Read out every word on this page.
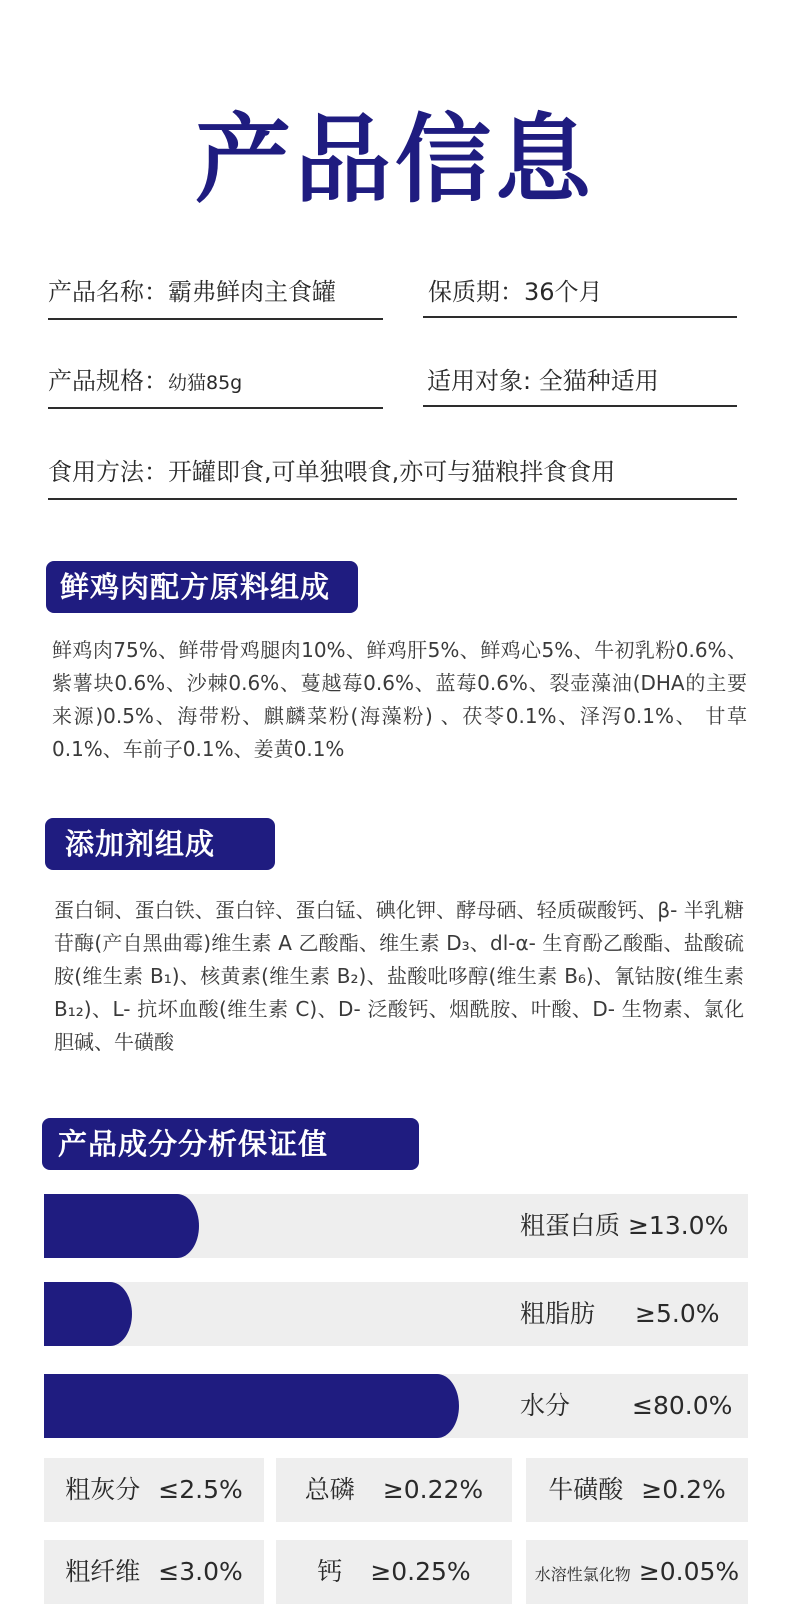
产品信息
产品名称：霸弗鲜肉主食罐	保质期：36个月
产品规格：幼猫85g	适用对象: 全猫种适用
食用方法：开罐即食,可单独喂食,亦可与猫粮拌食食用
鲜鸡肉配方原料组成
鲜鸡肉75%、鲜带骨鸡腿肉10%、鲜鸡肝5%、鲜鸡心5%、牛初乳粉0.6%、紫薯块0.6%、沙棘0.6%、蔓越莓0.6%、蓝莓0.6%、裂壶藻油(DHA的主要来源)0.5%、海带粉、麒麟菜粉(海藻粉) 、茯苓0.1%、泽泻0.1%、 甘草0.1%、车前子0.1%、姜黄0.1%
添加剂组成
蛋白铜、蛋白铁、蛋白锌、蛋白锰、碘化钾、酵母硒、轻质碳酸钙、β- 半乳糖苷酶(产自黑曲霉)维生素 A 乙酸酯、维生素 D₃、dl-α- 生育酚乙酸酯、盐酸硫胺(维生素 B₁)、核黄素(维生素 B₂)、盐酸吡哆醇(维生素 B₆)、氰钴胺(维生素 B₁₂)、L- 抗坏血酸(维生素 C)、D- 泛酸钙、烟酰胺、叶酸、D- 生物素、氯化胆碱、牛磺酸
产品成分分析保证值
粗蛋白质 ≥13.0%
粗脂肪 ≥5.0%
水分 ≤80.0%
粗灰分 ≤2.5%	总磷 ≥0.22%	牛磺酸 ≥0.2%
粗纤维 ≤3.0%	钙 ≥0.25%	水溶性氯化物 ≥0.05%
